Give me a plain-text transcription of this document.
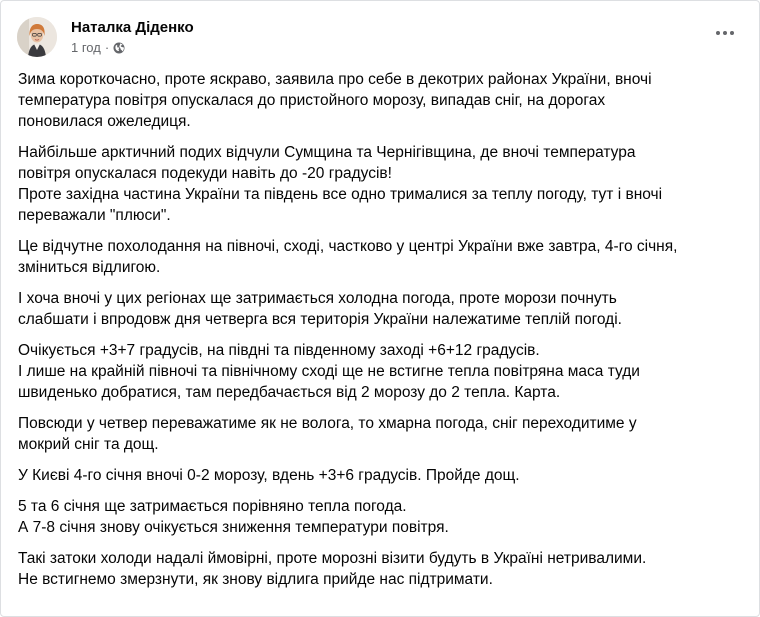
Наталка Діденко
1 год ·

Зима короткочасно, проте яскраво, заявила про себе в декотрих районах України, вночі
температура повітря опускалася до пристойного морозу, випадав сніг, на дорогах
поновилася ожеледиця.

Найбільше арктичний подих відчули Сумщина та Чернігівщина, де вночі температура
повітря опускалася подекуди навіть до -20 градусів!
Проте західна частина України та південь все одно трималися за теплу погоду, тут і вночі
переважали "плюси".

Це відчутне похолодання на півночі, сході, частково у центрі України вже завтра, 4-го січня,
зміниться відлигою.

І хоча вночі у цих регіонах ще затримається холодна погода, проте морози почнуть
слабшати і впродовж дня четверга вся територія України належатиме теплій погоді.

Очікується +3+7 градусів, на півдні та південному заході +6+12 градусів.
І лише на крайній півночі та північному сході ще не встигне тепла повітряна маса туди
швиденько добратися, там передбачається від 2 морозу до 2 тепла. Карта.

Повсюди у четвер переважатиме як не волога, то хмарна погода, сніг переходитиме у
мокрий сніг та дощ.

У Києві 4-го січня вночі 0-2 морозу, вдень +3+6 градусів. Пройде дощ.

5 та 6 січня ще затримається порівняно тепла погода.
А 7-8 січня знову очікується зниження температури повітря.

Такі затоки холоди надалі ймовірні, проте морозні візити будуть в Україні нетривалими.
Не встигнемо змерзнути, як знову відлига прийде нас підтримати.
